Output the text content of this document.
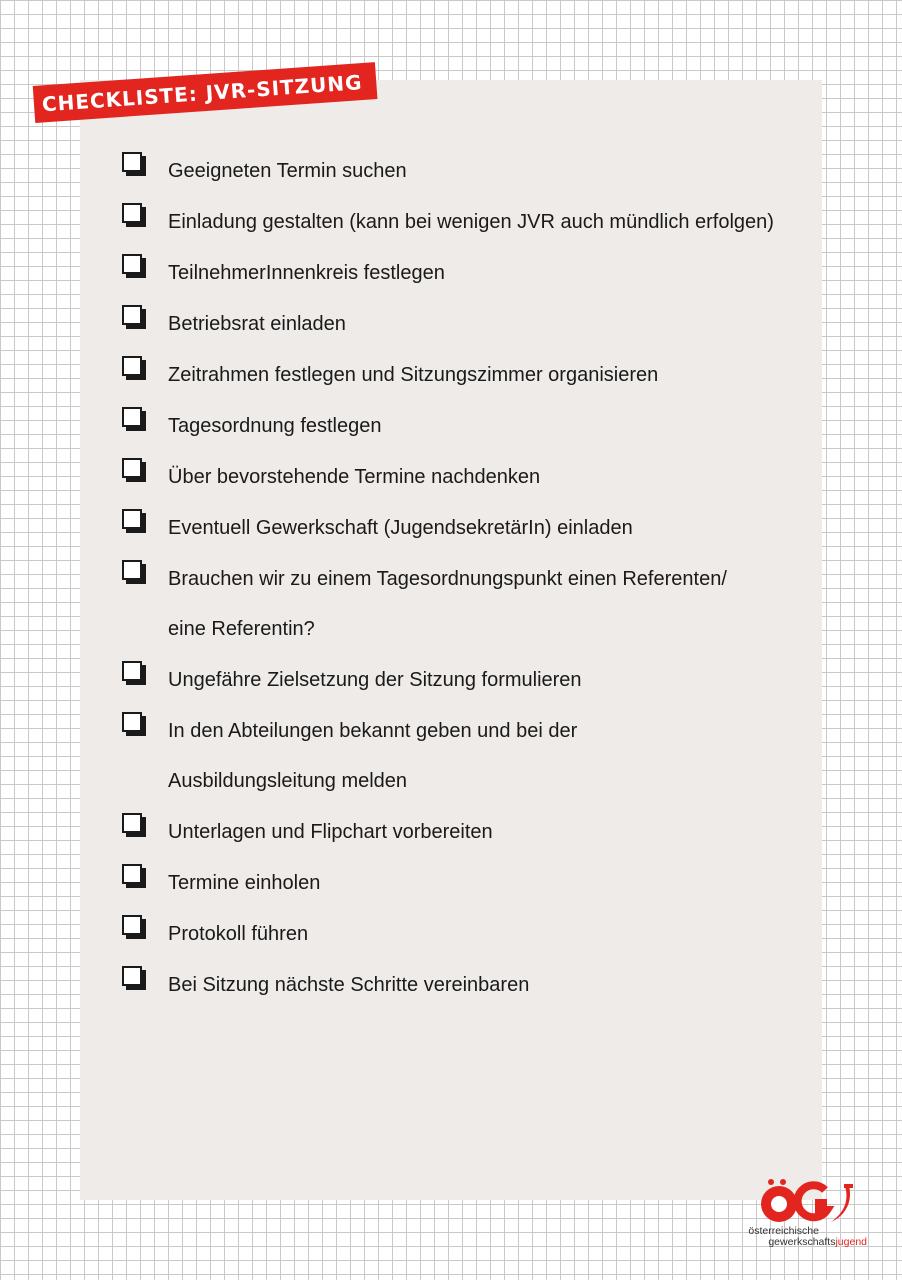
CHECKLISTE: JVR-SITZUNG
Geeigneten Termin suchen
Einladung gestalten (kann bei wenigen JVR auch mündlich erfolgen)
TeilnehmerInnenkreis festlegen
Betriebsrat einladen
Zeitrahmen festlegen und Sitzungszimmer organisieren
Tagesordnung festlegen
Über bevorstehende Termine nachdenken
Eventuell Gewerkschaft (JugendsekretärIn) einladen
Brauchen wir zu einem Tagesordnungspunkt einen Referenten/
eine Referentin?
Ungefähre Zielsetzung der Sitzung formulieren
In den Abteilungen bekannt geben und bei der
Ausbildungsleitung melden
Unterlagen und Flipchart vorbereiten
Termine einholen
Protokoll führen
Bei Sitzung nächste Schritte vereinbaren
österreichische
gewerkschaftsjugend
